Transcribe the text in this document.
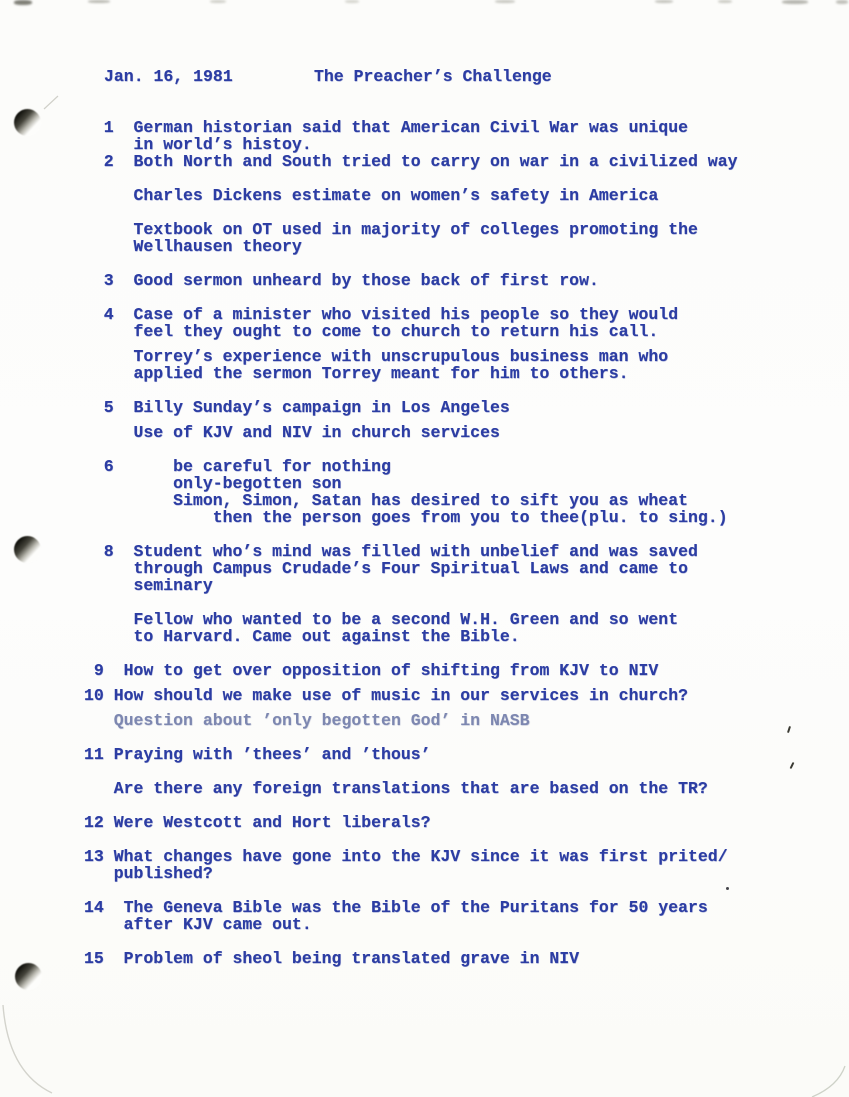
Jan. 16, 1981

	The Preacher’s Challenge

1  German historian said that American Civil War was unique
in world’s histoy.
2  Both North and South tried to carry on war in a civilized way
Charles Dickens estimate on women’s safety in America
Textbook on OT used in majority of colleges promoting the
Wellhausen theory
3  Good sermon unheard by those back of first row.
4  Case of a minister who visited his people so they would
feel they ought to come to church to return his call.
Torrey’s experience with unscrupulous business man who
applied the sermon Torrey meant for him to others.
5  Billy Sunday’s campaign in Los Angeles
Use of KJV and NIV in church services
6      be careful for nothing
only-begotten son
Simon, Simon, Satan has desired to sift you as wheat
then the person goes from you to thee(plu. to sing.)
8  Student who’s mind was filled with unbelief and was saved
through Campus Crudade’s Four Spiritual Laws and came to
seminary
Fellow who wanted to be a second W.H. Green and so went
to Harvard. Came out against the Bible.
9  How to get over opposition of shifting from KJV to NIV
10 How should we make use of music in our services in church?
Question about ’only begotten God’ in NASB
11 Praying with ’thees’ and ’thous’
Are there any foreign translations that are based on the TR?
12 Were Westcott and Hort liberals?
13 What changes have gone into the KJV since it was first prited/
published?
14  The Geneva Bible was the Bible of the Puritans for 50 years
after KJV came out.
15  Problem of sheol being translated grave in NIV
